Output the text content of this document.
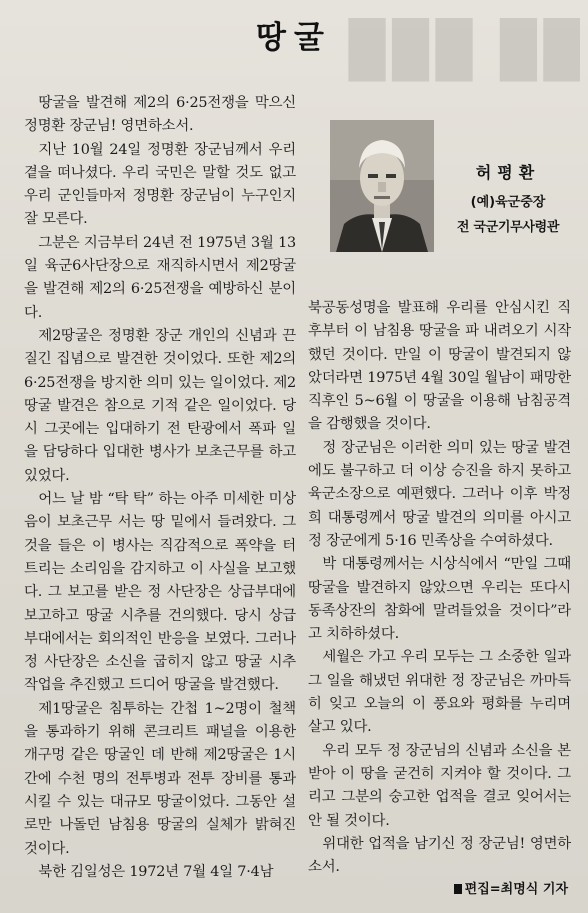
▉▉ ▉▉▉
땅굴

땅굴을 발견해 제2의 6·25전쟁을 막으신 정명환 장군님! 영면하소서.

지난 10월 24일 정명환 장군님께서 우리 곁을 떠나셨다. 우리 국민은 말할 것도 없고 우리 군인들마저 정명환 장군님이 누구인지 잘 모른다.

그분은 지금부터 24년 전 1975년 3월 13일 육군6사단장으로 재직하시면서 제2땅굴을 발견해 제2의 6·25전쟁을 예방하신 분이다.

제2땅굴은 정명환 장군 개인의 신념과 끈질긴 집념으로 발견한 것이었다. 또한 제2의 6·25전쟁을 방지한 의미 있는 일이었다. 제2땅굴 발견은 참으로 기적 같은 일이었다. 당시 그곳에는 입대하기 전 탄광에서 폭파 일을 담당하다 입대한 병사가 보초근무를 하고 있었다.

어느 날 밤 “탁 탁” 하는 아주 미세한 미상음이 보초근무 서는 땅 밑에서 들려왔다. 그것을 들은 이 병사는 직감적으로 폭약을 터트리는 소리임을 감지하고 이 사실을 보고했다. 그 보고를 받은 정 사단장은 상급부대에 보고하고 땅굴 시추를 건의했다. 당시 상급부대에서는 회의적인 반응을 보였다. 그러나 정 사단장은 소신을 굽히지 않고 땅굴 시추 작업을 추진했고 드디어 땅굴을 발견했다.

제1땅굴은 침투하는 간첩 1~2명이 철책을 통과하기 위해 콘크리트 패널을 이용한 개구멍 같은 땅굴인 데 반해 제2땅굴은 1시간에 수천 명의 전투병과 전투 장비를 통과시킬 수 있는 대규모 땅굴이었다. 그동안 설로만 나돌던 남침용 땅굴의 실체가 밝혀진 것이다.

북한 김일성은 1972년 7월 4일 7·4남

허평환
(예)육군중장
전 국군기무사령관

북공동성명을 발표해 우리를 안심시킨 직후부터 이 남침용 땅굴을 파 내려오기 시작했던 것이다. 만일 이 땅굴이 발견되지 않았더라면 1975년 4월 30일 월남이 패망한 직후인 5~6월 이 땅굴을 이용해 남침공격을 감행했을 것이다.

정 장군님은 이러한 의미 있는 땅굴 발견에도 불구하고 더 이상 승진을 하지 못하고 육군소장으로 예편했다. 그러나 이후 박정희 대통령께서 땅굴 발견의 의미를 아시고 정 장군에게 5·16 민족상을 수여하셨다.

박 대통령께서는 시상식에서 “만일 그때 땅굴을 발견하지 않았으면 우리는 또다시 동족상잔의 참화에 말려들었을 것이다”라고 치하하셨다.

세월은 가고 우리 모두는 그 소중한 일과 그 일을 해냈던 위대한 정 장군님은 까마득히 잊고 오늘의 이 풍요와 평화를 누리며 살고 있다.

우리 모두 정 장군님의 신념과 소신을 본받아 이 땅을 굳건히 지켜야 할 것이다. 그리고 그분의 숭고한 업적을 결코 잊어서는 안 될 것이다.

위대한 업적을 남기신 정 장군님! 영면하소서.

편집=최명식 기자
